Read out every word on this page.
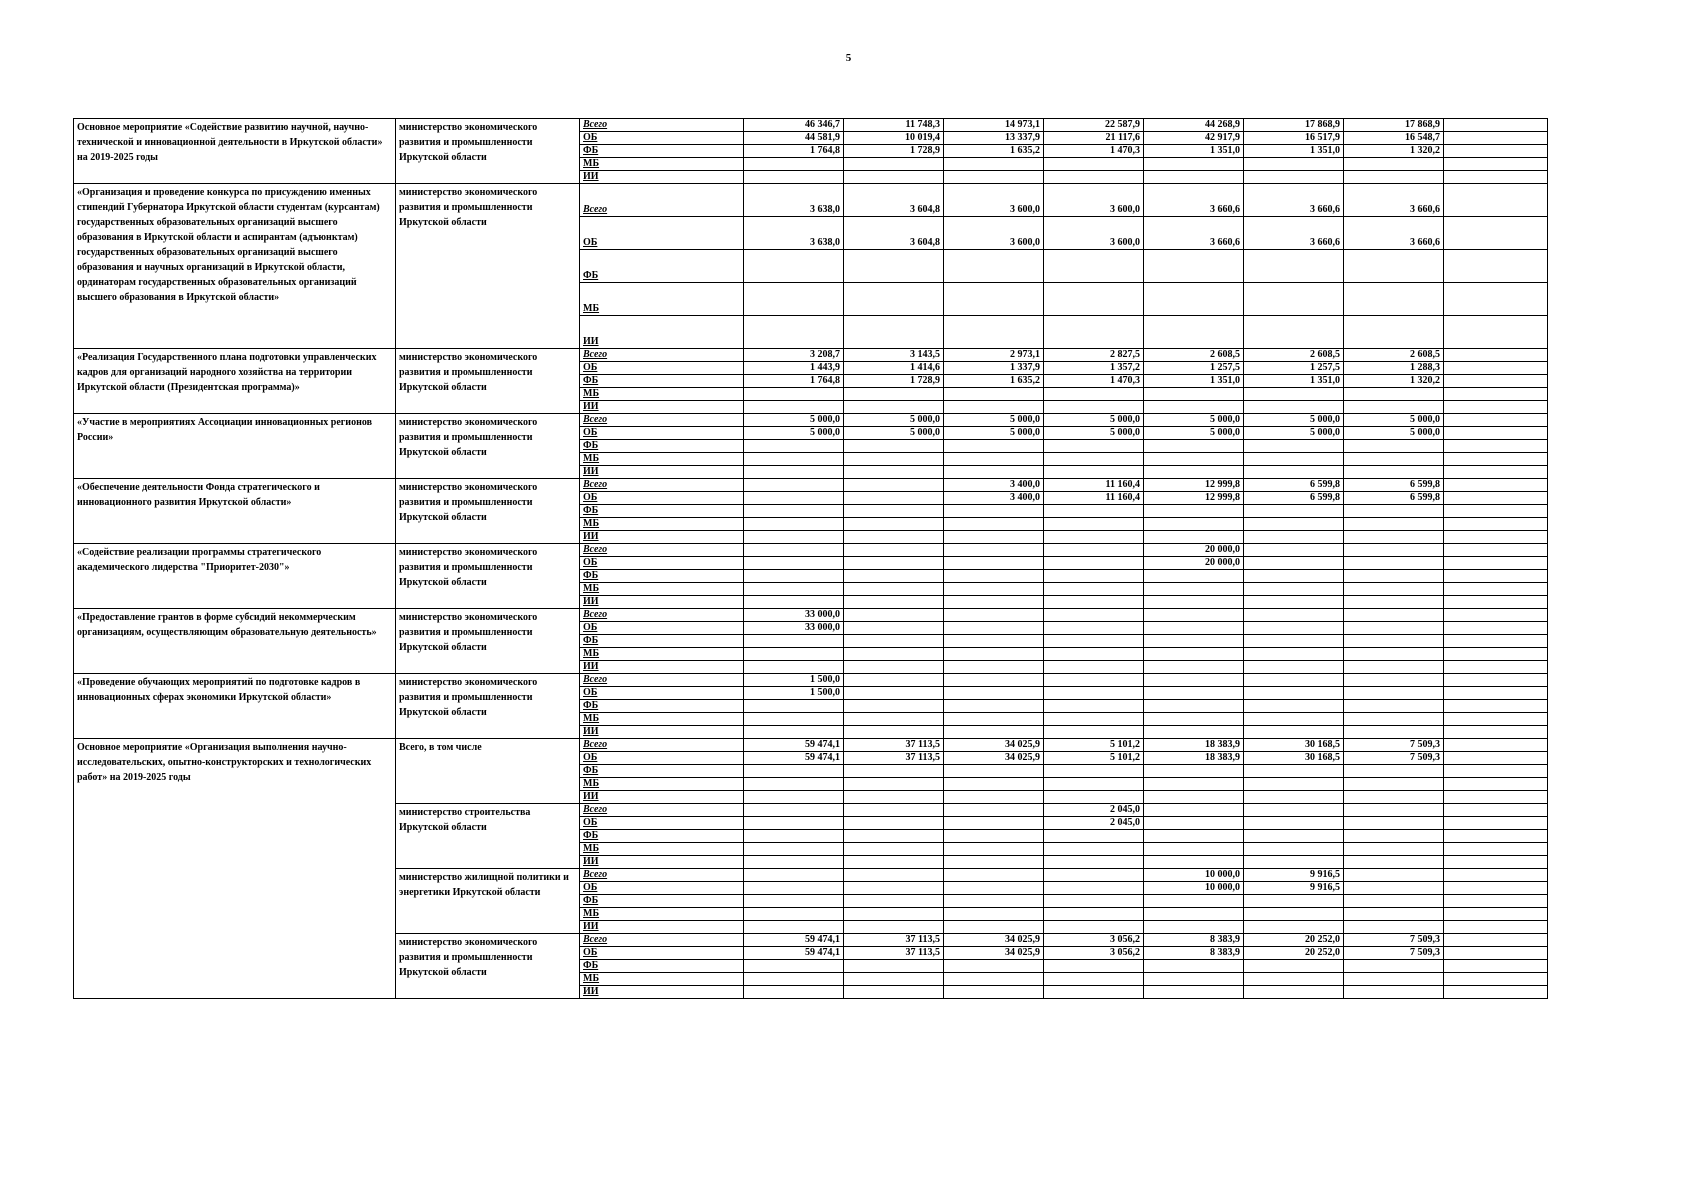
5
Основное мероприятие «Содействие развитию научной, научно-технической и инновационной деятельности в Иркутской области» на 2019-2025 годы	министерство экономического развития и промышленности Иркутской области	Всего	46 346,7	11 748,3	14 973,1	22 587,9	44 268,9	17 868,9	17 868,9	
		ОБ	44 581,9	10 019,4	13 337,9	21 117,6	42 917,9	16 517,9	16 548,7	
		ФБ	1 764,8	1 728,9	1 635,2	1 470,3	1 351,0	1 351,0	1 320,2	
		МБ								
		ИИ								
«Организация и проведение конкурса по присуждению именных стипендий Губернатора Иркутской области студентам (курсантам) государственных образовательных организаций высшего образования в Иркутской области и аспирантам (адъюнктам) государственных образовательных организаций высшего образования и научных организаций в Иркутской области, ординаторам государственных образовательных организаций высшего образования в Иркутской области»	министерство экономического развития и промышленности Иркутской области	Всего	3 638,0	3 604,8	3 600,0	3 600,0	3 660,6	3 660,6	3 660,6	
		ОБ	3 638,0	3 604,8	3 600,0	3 600,0	3 660,6	3 660,6	3 660,6	
		ФБ								
		МБ								
		ИИ								
«Реализация Государственного плана подготовки управленческих кадров для организаций народного хозяйства на территории Иркутской области (Президентская программа)»	министерство экономического развития и промышленности Иркутской области	Всего	3 208,7	3 143,5	2 973,1	2 827,5	2 608,5	2 608,5	2 608,5	
		ОБ	1 443,9	1 414,6	1 337,9	1 357,2	1 257,5	1 257,5	1 288,3	
		ФБ	1 764,8	1 728,9	1 635,2	1 470,3	1 351,0	1 351,0	1 320,2	
		МБ								
		ИИ								
«Участие в мероприятиях Ассоциации инновационных регионов России»	министерство экономического развития и промышленности Иркутской области	Всего	5 000,0	5 000,0	5 000,0	5 000,0	5 000,0	5 000,0	5 000,0	
		ОБ	5 000,0	5 000,0	5 000,0	5 000,0	5 000,0	5 000,0	5 000,0	
		ФБ								
		МБ								
		ИИ								
«Обеспечение деятельности Фонда стратегического и инновационного развития Иркутской области»	министерство экономического развития и промышленности Иркутской области	Всего			3 400,0	11 160,4	12 999,8	6 599,8	6 599,8	
		ОБ			3 400,0	11 160,4	12 999,8	6 599,8	6 599,8	
		ФБ								
		МБ								
		ИИ								
«Содействие реализации программы стратегического академического лидерства "Приоритет-2030"»	министерство экономического развития и промышленности Иркутской области	Всего					20 000,0			
		ОБ					20 000,0			
		ФБ								
		МБ								
		ИИ								
«Предоставление грантов в форме субсидий некоммерческим организациям, осуществляющим образовательную деятельность»	министерство экономического развития и промышленности Иркутской области	Всего	33 000,0							
		ОБ	33 000,0							
		ФБ								
		МБ								
		ИИ								
«Проведение обучающих мероприятий по подготовке кадров в инновационных сферах экономики Иркутской области»	министерство экономического развития и промышленности Иркутской области	Всего	1 500,0							
		ОБ	1 500,0							
		ФБ								
		МБ								
		ИИ								
Основное мероприятие «Организация выполнения научно-исследовательских, опытно-конструкторских и технологических работ» на 2019-2025 годы	Всего, в том числе	Всего	59 474,1	37 113,5	34 025,9	5 101,2	18 383,9	30 168,5	7 509,3	
		ОБ	59 474,1	37 113,5	34 025,9	5 101,2	18 383,9	30 168,5	7 509,3	
		ФБ								
		МБ								
		ИИ								
	министерство строительства Иркутской области	Всего				2 045,0				
		ОБ				2 045,0				
		ФБ								
		МБ								
		ИИ								
	министерство жилищной политики и энергетики Иркутской области	Всего					10 000,0	9 916,5		
		ОБ					10 000,0	9 916,5		
		ФБ								
		МБ								
		ИИ								
	министерство экономического развития и промышленности Иркутской области	Всего	59 474,1	37 113,5	34 025,9	3 056,2	8 383,9	20 252,0	7 509,3	
		ОБ	59 474,1	37 113,5	34 025,9	3 056,2	8 383,9	20 252,0	7 509,3	
		ФБ								
		МБ								
		ИИ								
